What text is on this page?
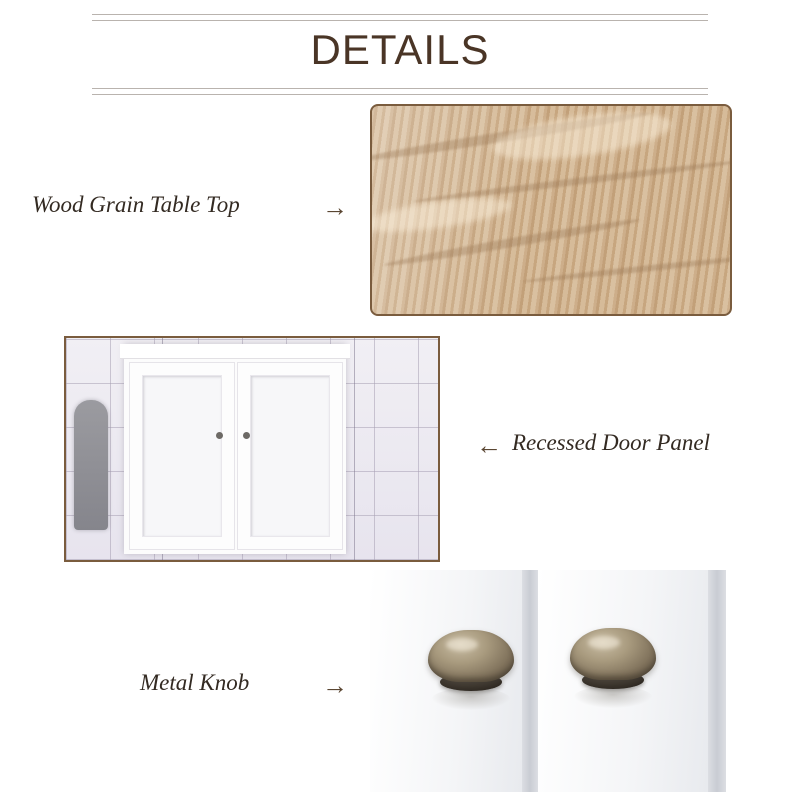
DETAILS
Wood Grain Table Top	→
← Recessed Door Panel
Metal Knob	→
